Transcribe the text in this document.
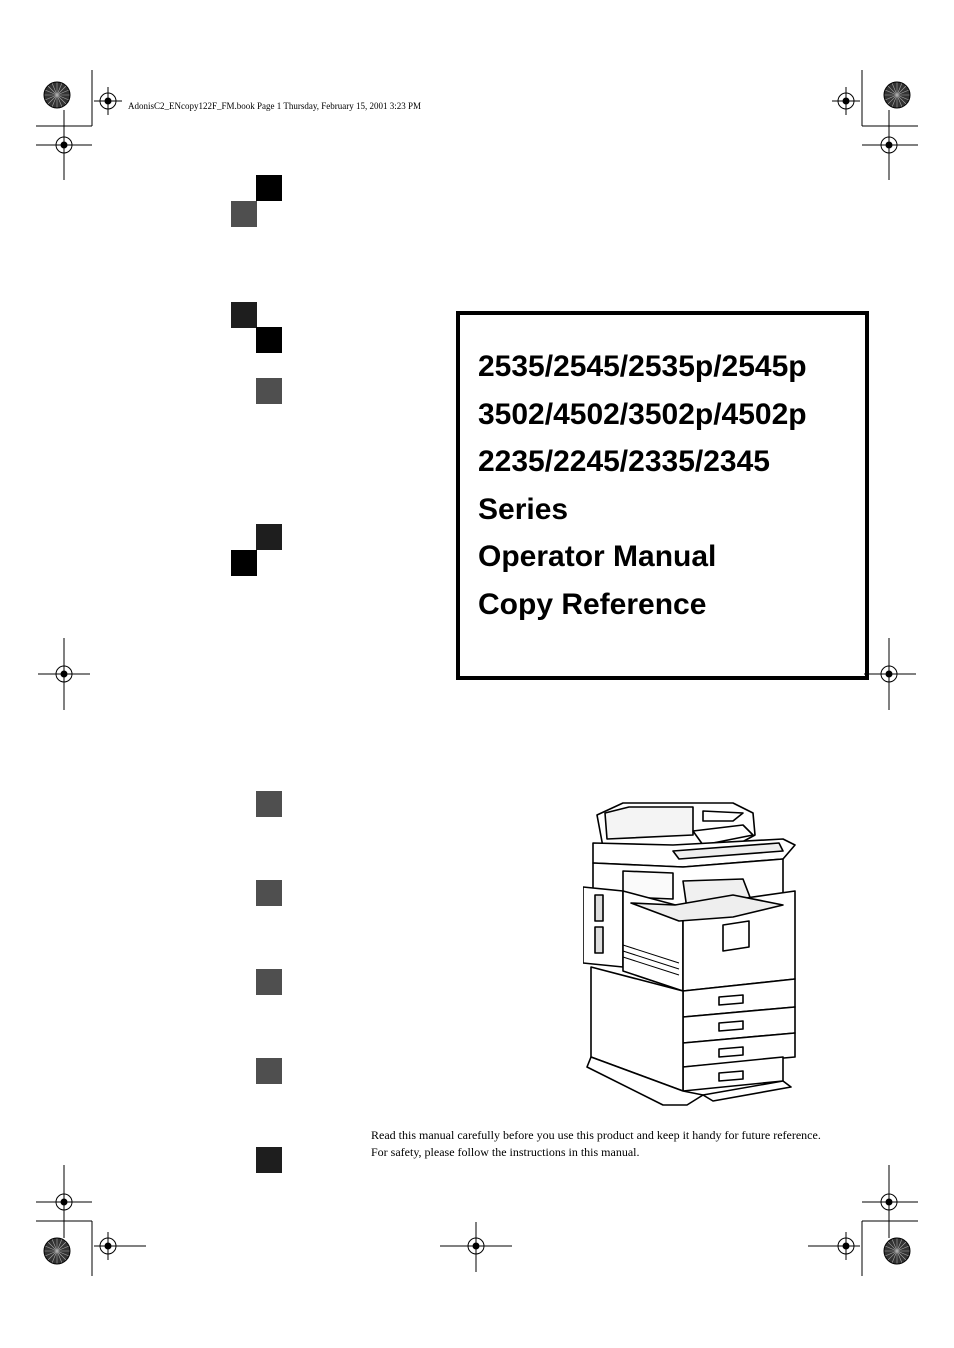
AdonisC2_ENcopy122F_FM.book Page 1 Thursday, February 15, 2001 3:23 PM
2535/2545/2535p/2545p
3502/4502/3502p/4502p
2235/2245/2335/2345
Series
Operator Manual
Copy Reference

Read this manual carefully before you use this product and keep it handy for future reference.

For safety, please follow the instructions in this manual.
